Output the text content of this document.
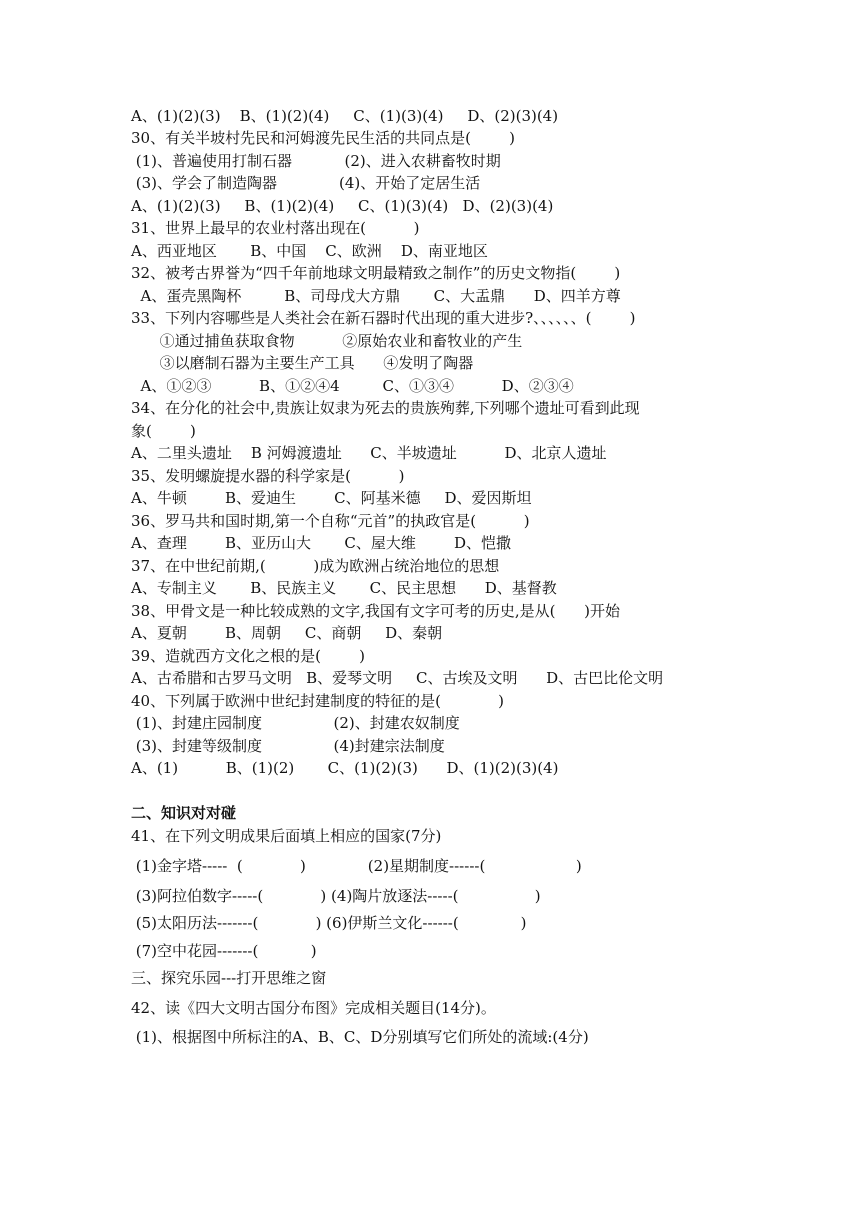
A、(1)(2)(3)    B、(1)(2)(4)     C、(1)(3)(4)     D、(2)(3)(4)
30、有关半坡村先民和河姆渡先民生活的共同点是(        )
(1)、普遍使用打制石器           (2)、进入农耕畜牧时期
(3)、学会了制造陶器             (4)、开始了定居生活
A、(1)(2)(3)     B、(1)(2)(4)     C、(1)(3)(4)   D、(2)(3)(4)
31、世界上最早的农业村落出现在(          )
A、西亚地区       B、中国    C、欧洲    D、南亚地区
32、被考古界誉为“四千年前地球文明最精致之制作”的历史文物指(        )
A、蛋壳黑陶杯         B、司母戊大方鼎       C、大盂鼎      D、四羊方尊
33、下列内容哪些是人类社会在新石器时代出现的重大进步?、、、、、、(        )
①通过捕鱼获取食物          ②原始农业和畜牧业的产生
③以磨制石器为主要生产工具      ④发明了陶器
A、①②③          B、①②④4         C、①③④          D、②③④
34、在分化的社会中,贵族让奴隶为死去的贵族殉葬,下列哪个遗址可看到此现
象(        )
A、二里头遗址    B 河姆渡遗址      C、半坡遗址          D、北京人遗址
35、发明螺旋提水器的科学家是(          )
A、牛顿        B、爱迪生        C、阿基米德     D、爱因斯坦
36、罗马共和国时期,第一个自称“元首”的执政官是(          )
A、查理        B、亚历山大       C、屋大维        D、恺撒
37、在中世纪前期,(          )成为欧洲占统治地位的思想
A、专制主义       B、民族主义       C、民主思想      D、基督教
38、甲骨文是一种比较成熟的文字,我国有文字可考的历史,是从(      )开始
A、夏朝        B、周朝     C、商朝     D、秦朝
39、造就西方文化之根的是(        )
A、古希腊和古罗马文明   B、爱琴文明     C、古埃及文明      D、古巴比伦文明
40、下列属于欧洲中世纪封建制度的特征的是(            )
(1)、封建庄园制度               (2)、封建农奴制度
(3)、封建等级制度               (4)封建宗法制度
A、(1)          B、(1)(2)       C、(1)(2)(3)      D、(1)(2)(3)(4)
二、知识对对碰
41、在下列文明成果后面填上相应的国家(7分)
(1)金字塔-----  (            )             (2)星期制度------(                   )
(3)阿拉伯数字-----(            ) (4)陶片放逐法-----(                )
(5)太阳历法-------(            ) (6)伊斯兰文化------(             )
(7)空中花园-------(           )
三、探究乐园---打开思维之窗
42、读《四大文明古国分布图》完成相关题目(14分)。
(1)、根据图中所标注的A、B、C、D分别填写它们所处的流域:(4分)
